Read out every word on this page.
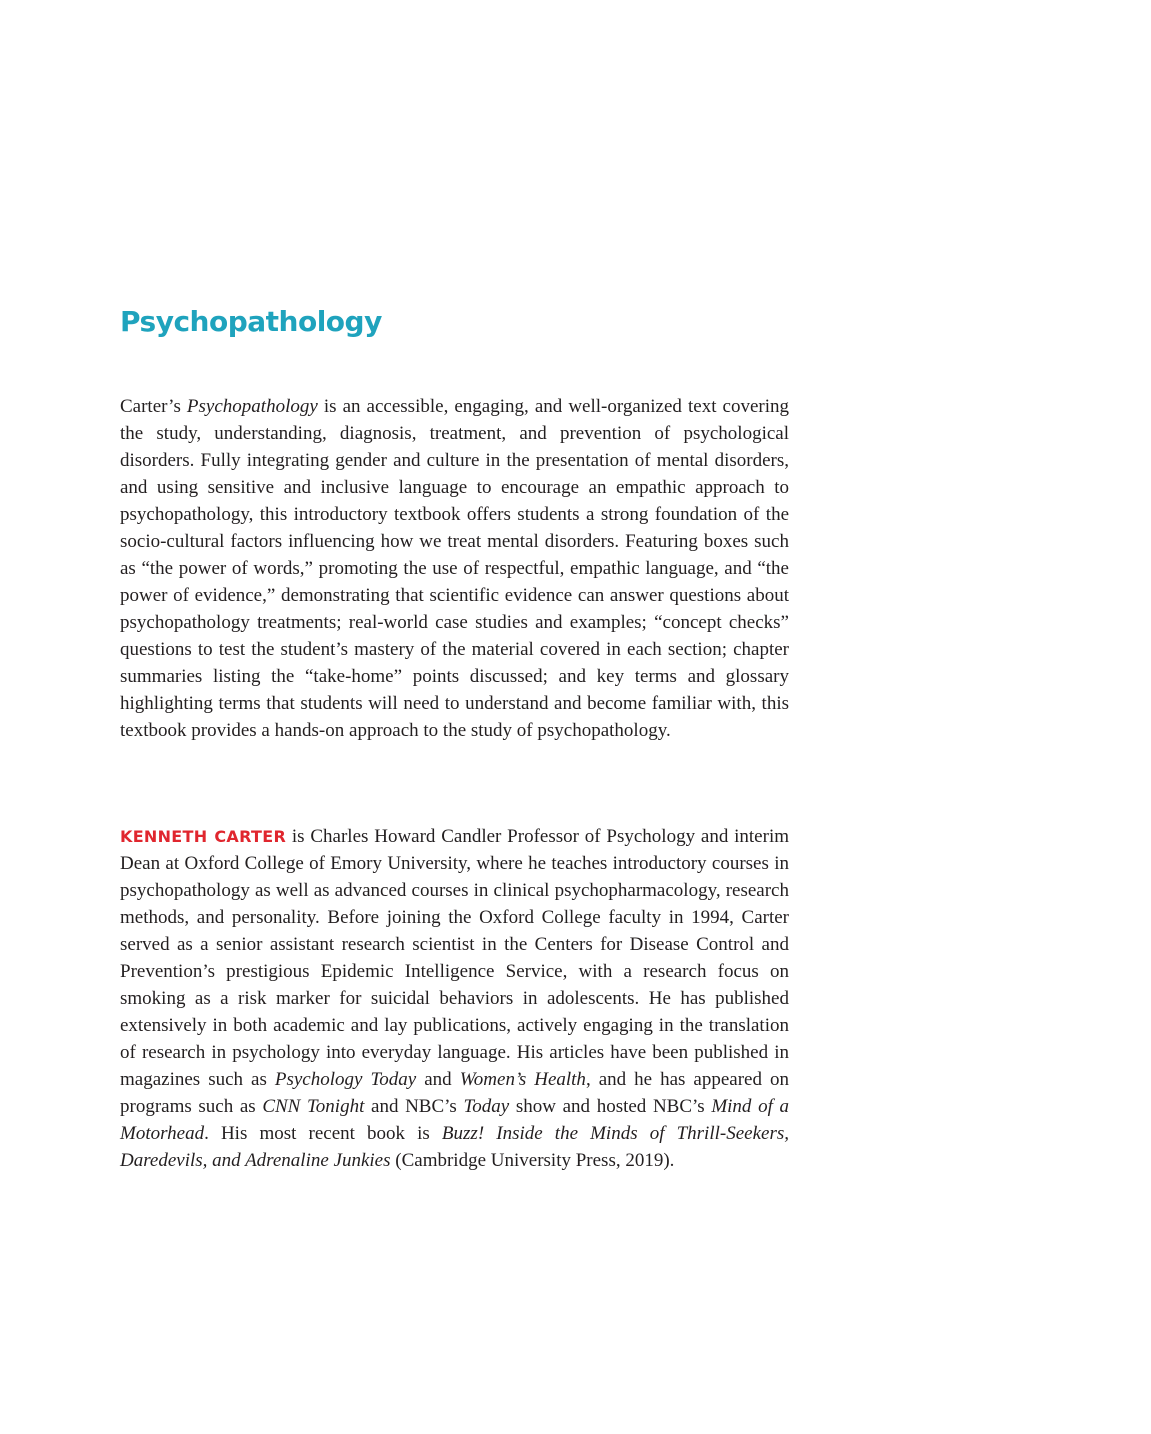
Psychopathology

Carter’s Psychopathology is an accessible, engaging, and well-organized text covering the study, understanding, diagnosis, treatment, and prevention of psychological disorders. Fully integrating gender and culture in the presentation of mental disorders, and using sensitive and inclusive language to encourage an empathic approach to psychopathology, this introductory textbook offers students a strong foundation of the socio-cultural factors influencing how we treat mental disorders. Featuring boxes such as “the power of words,” promoting the use of respectful, empathic language, and “the power of evidence,” demonstrating that scientific evidence can answer questions about psychopathology treatments; real-world case studies and examples; “concept checks” questions to test the student’s mastery of the material covered in each section; chapter summaries listing the “take-home” points discussed; and key terms and glossary highlighting terms that students will need to understand and become familiar with, this textbook provides a hands-on approach to the study of psychopathology.

KENNETH CARTER is Charles Howard Candler Professor of Psychology and interim Dean at Oxford College of Emory University, where he teaches introductory courses in psychopathology as well as advanced courses in clinical psychopharmacology, research methods, and personality. Before joining the Oxford College faculty in 1994, Carter served as a senior assistant research scientist in the Centers for Disease Control and Prevention’s prestigious Epidemic Intelligence Service, with a research focus on smoking as a risk marker for suicidal behaviors in adolescents. He has published extensively in both academic and lay publications, actively engaging in the translation of research in psychology into everyday language. His articles have been published in magazines such as Psychology Today and Women’s Health, and he has appeared on programs such as CNN Tonight and NBC’s Today show and hosted NBC’s Mind of a Motorhead. His most recent book is Buzz! Inside the Minds of Thrill-Seekers, Daredevils, and Adrenaline Junkies (Cambridge University Press, 2019).
